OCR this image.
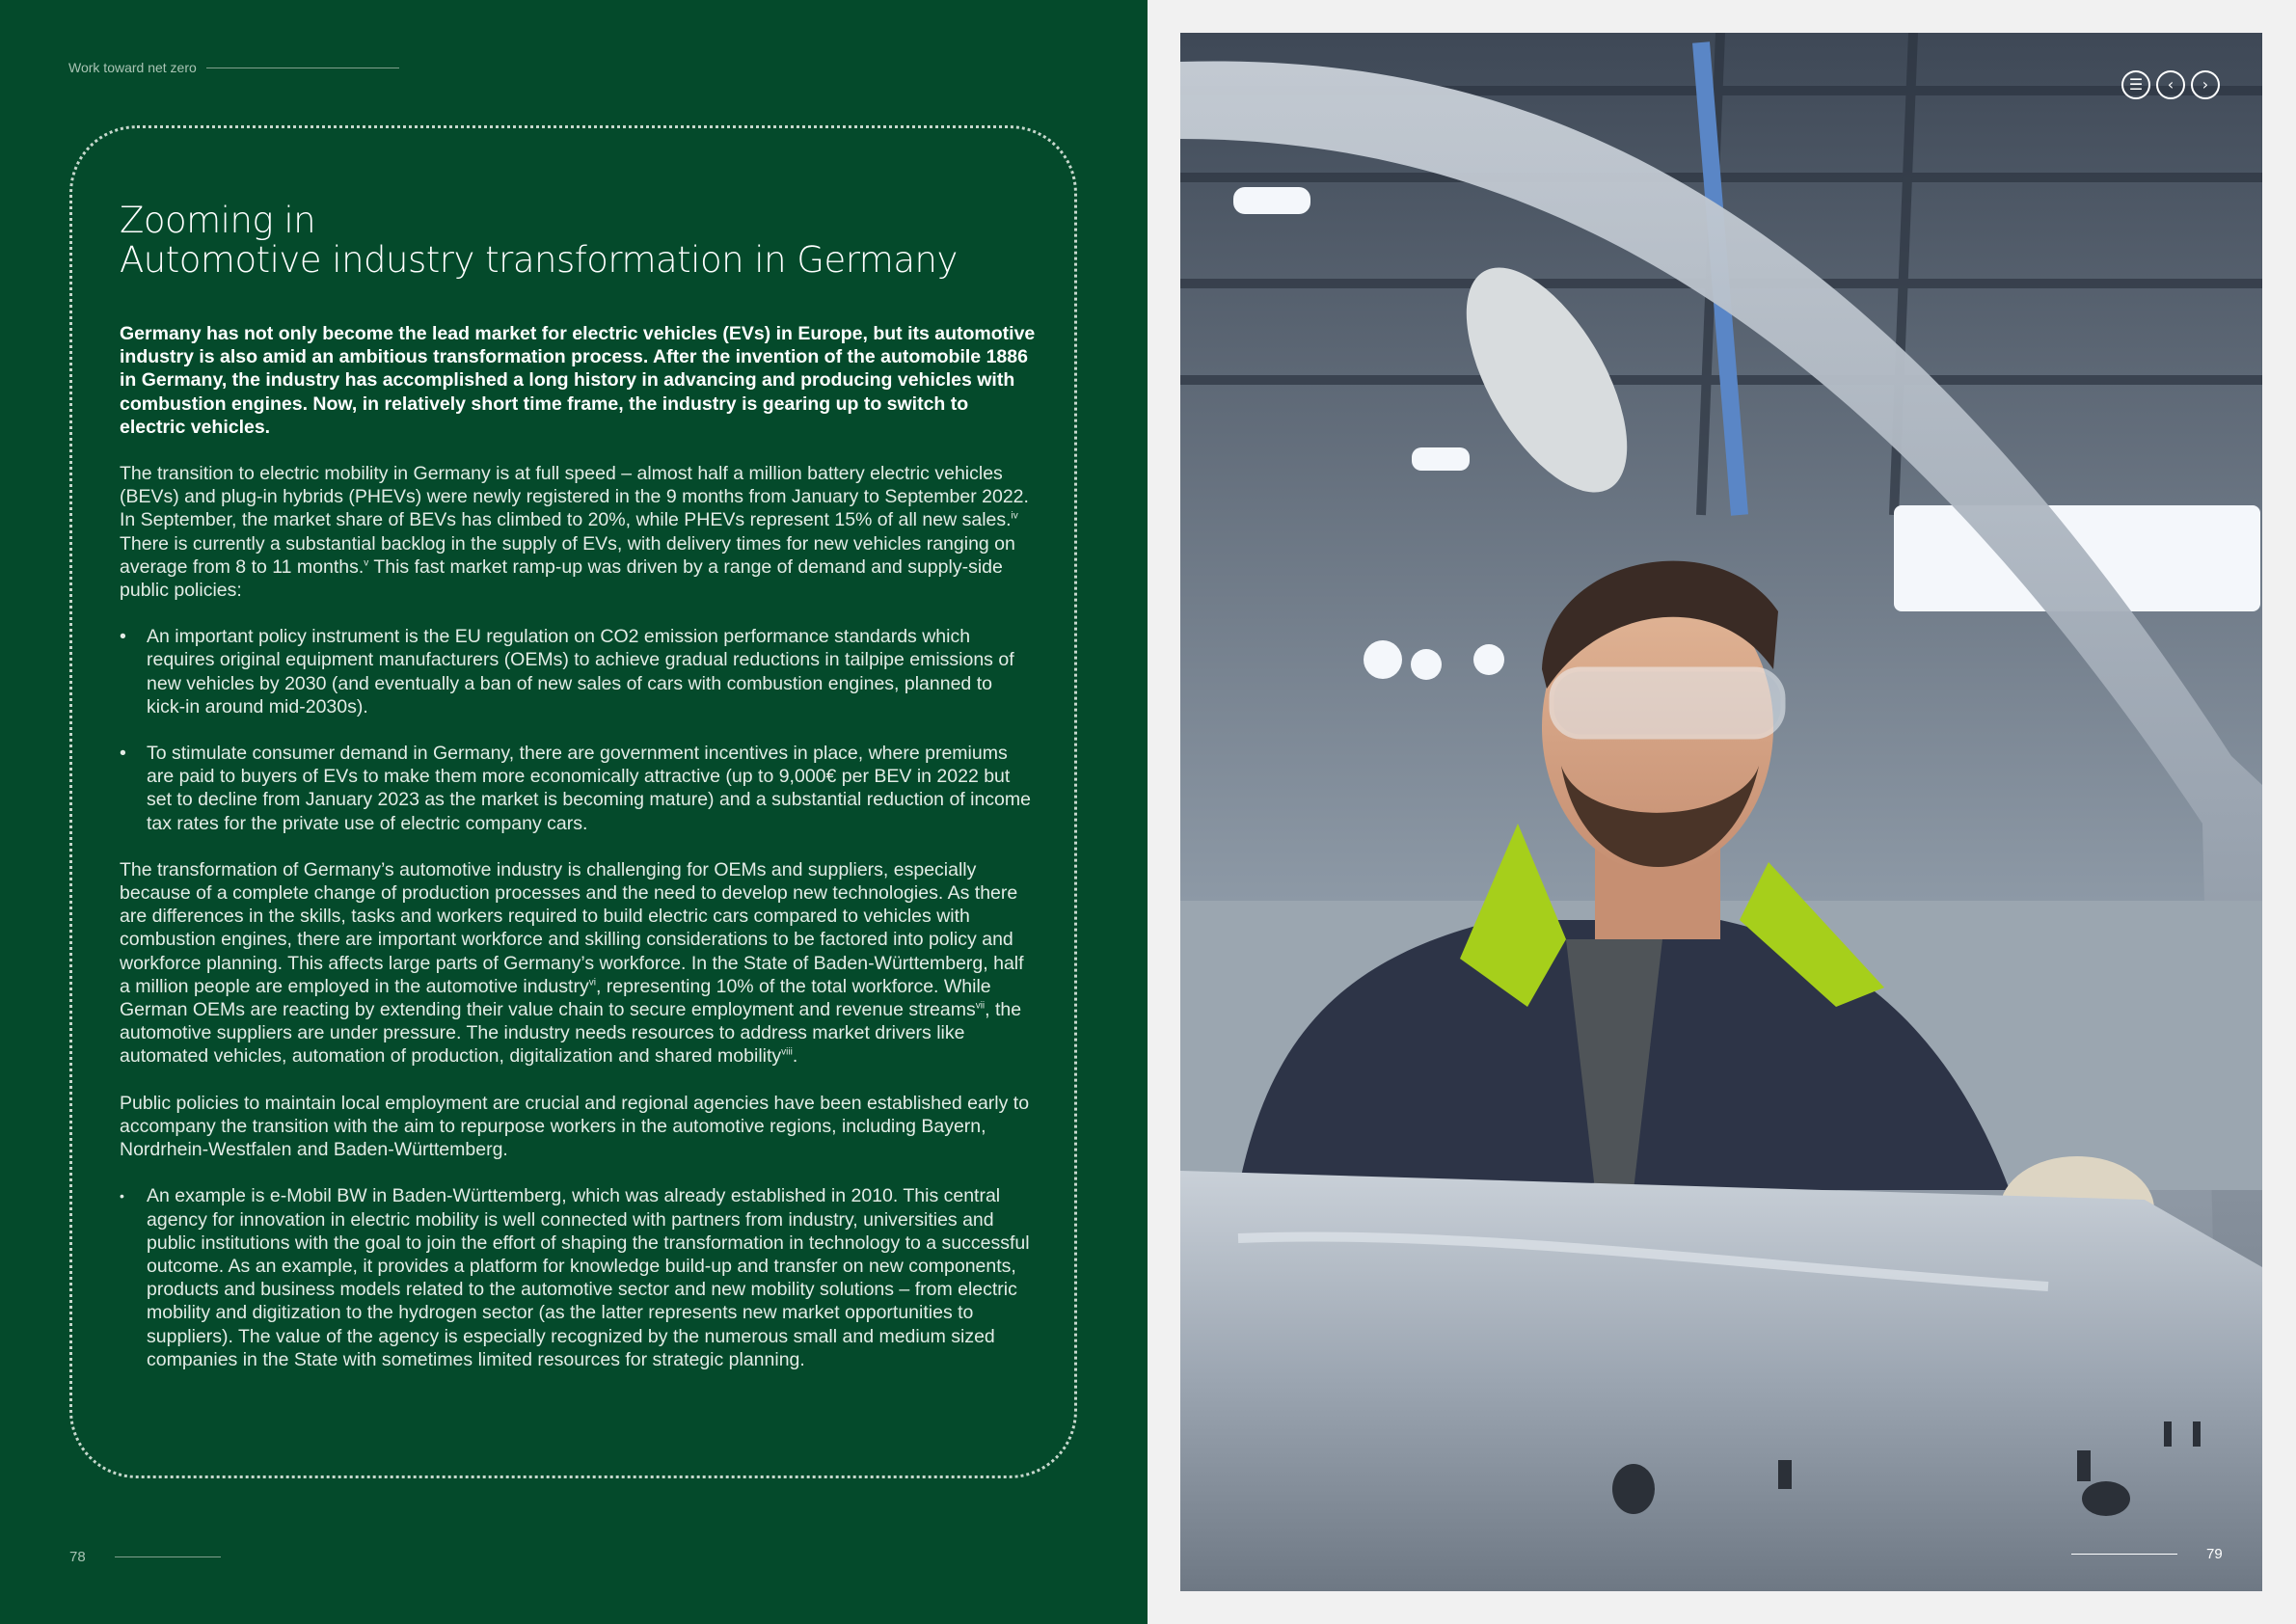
Work toward net zero
Zooming in
Automotive industry transformation in Germany

Germany has not only become the lead market for electric vehicles (EVs) in Europe, but its automotive industry is also amid an ambitious transformation process. After the invention of the automobile 1886 in Germany, the industry has accomplished a long history in advancing and producing vehicles with combustion engines. Now, in relatively short time frame, the industry is gearing up to switch to electric vehicles.

The transition to electric mobility in Germany is at full speed – almost half a million battery electric vehicles (BEVs) and plug-in hybrids (PHEVs) were newly registered in the 9 months from January to September 2022. In September, the market share of BEVs has climbed to 20%, while PHEVs represent 15% of all new sales.$^{iv}$ There is currently a substantial backlog in the supply of EVs, with delivery times for new vehicles ranging on average from 8 to 11 months.$^v$ This fast market ramp-up was driven by a range of demand and supply-side public policies:

• An important policy instrument is the EU regulation on CO2 emission performance standards which requires original equipment manufacturers (OEMs) to achieve gradual reductions in tailpipe emissions of new vehicles by 2030 (and eventually a ban of new sales of cars with combustion engines, planned to kick-in around mid-2030s).
• To stimulate consumer demand in Germany, there are government incentives in place, where premiums are paid to buyers of EVs to make them more economically attractive (up to 9,000€ per BEV in 2022 but set to decline from January 2023 as the market is becoming mature) and a substantial reduction of income tax rates for the private use of electric company cars.

The transformation of Germany’s automotive industry is challenging for OEMs and suppliers, especially because of a complete change of production processes and the need to develop new technologies. As there are differences in the skills, tasks and workers required to build electric cars compared to vehicles with combustion engines, there are important workforce and skilling considerations to be factored into policy and workforce planning. This affects large parts of Germany’s workforce. In the State of Baden-Württemberg, half a million people are employed in the automotive industry$^{vi}$, representing 10% of the total workforce. While German OEMs are reacting by extending their value chain to secure employment and revenue streams$^{vii}$, the automotive suppliers are under pressure. The industry needs resources to address market drivers like automated vehicles, automation of production, digitalization and shared mobility$^{viii}$.

Public policies to maintain local employment are crucial and regional agencies have been established early to accompany the transition with the aim to repurpose workers in the automotive regions, including Bayern, Nordrhein-Westfalen and Baden-Württemberg.

• An example is e-Mobil BW in Baden-Württemberg, which was already established in 2010. This central agency for innovation in electric mobility is well connected with partners from industry, universities and public institutions with the goal to join the effort of shaping the transformation in technology to a successful outcome. As an example, it provides a platform for knowledge build-up and transfer on new components, products and business models related to the automotive sector and new mobility solutions – from electric mobility and digitization to the hydrogen sector (as the latter represents new market opportunities to suppliers). The value of the agency is especially recognized by the numerous small and medium sized companies in the State with sometimes limited resources for strategic planning.
78
☰	‹	›
79
